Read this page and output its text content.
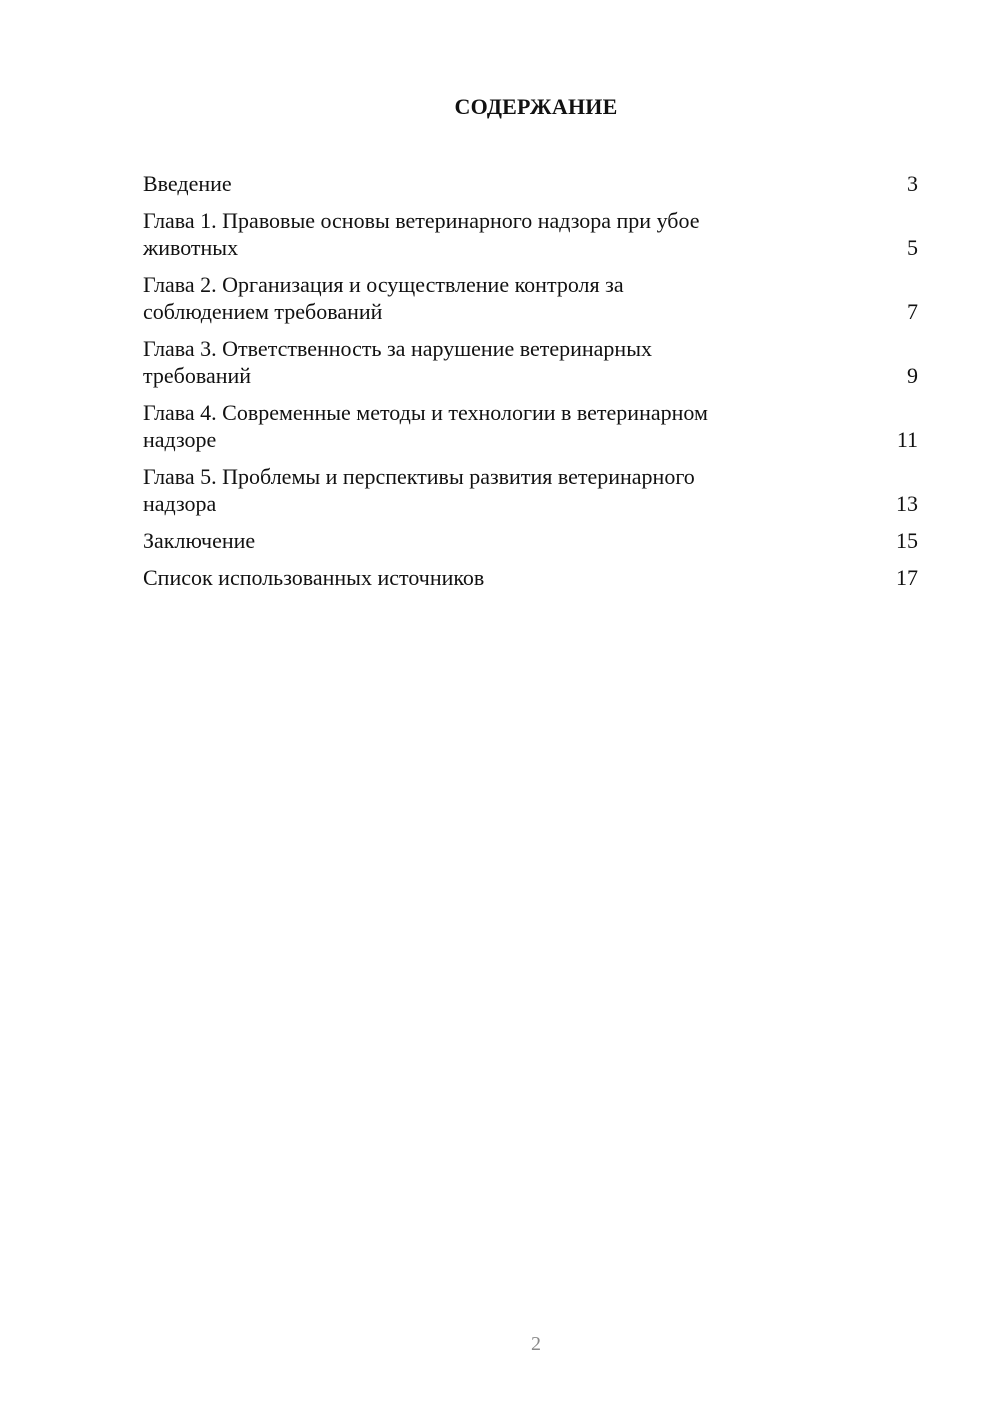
СОДЕРЖАНИЕ
Введение	3
Глава 1. Правовые основы ветеринарного надзора при убое
животных	5
Глава 2. Организация и осуществление контроля за
соблюдением требований	7
Глава 3. Ответственность за нарушение ветеринарных
требований	9
Глава 4. Современные методы и технологии в ветеринарном
надзоре	11
Глава 5. Проблемы и перспективы развития ветеринарного
надзора	13
Заключение	15
Список использованных источников	17
2
